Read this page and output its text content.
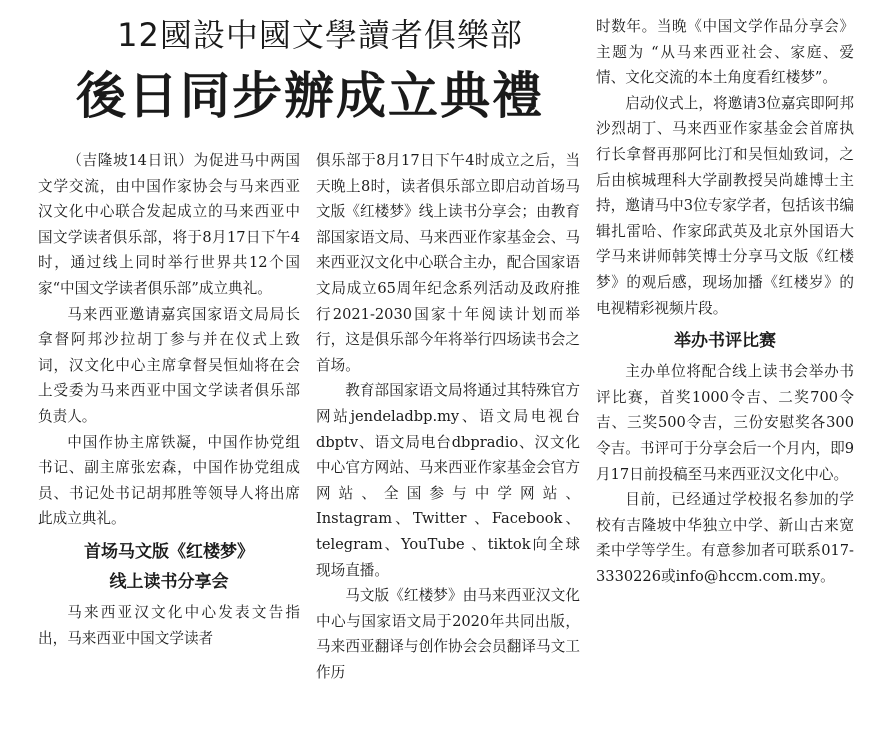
12國設中國文學讀者俱樂部
後日同步辦成立典禮

（吉隆坡14日讯）为促进马中两国文学交流，由中国作家协会与马来西亚汉文化中心联合发起成立的马来西亚中国文学读者俱乐部，将于8月17日下午4时，通过线上同时举行世界共12个国家“中国文学读者俱乐部”成立典礼。

马来西亚邀请嘉宾国家语文局局长拿督阿邦沙拉胡丁参与并在仪式上致词，汉文化中心主席拿督吴恒灿将在会上受委为马来西亚中国文学读者俱乐部负责人。

中国作协主席铁凝，中国作协党组书记、副主席张宏森，中国作协党组成员、书记处书记胡邦胜等领导人将出席此成立典礼。

首场马文版《红楼梦》
线上读书分享会

马来西亚汉文化中心发表文告指出，马来西亚中国文学读者

俱乐部于8月17日下午4时成立之后，当天晚上8时，读者俱乐部立即启动首场马文版《红楼梦》线上读书分享会；由教育部国家语文局、马来西亚作家基金会、马来西亚汉文化中心联合主办，配合国家语文局成立65周年纪念系列活动及政府推行2021-2030国家十年阅读计划而举行，这是俱乐部今年将举行四场读书会之首场。

教育部国家语文局将通过其特殊官方网站jendeladbp.my、语文局电视台dbptv、语文局电台dbpradio、汉文化中心官方网站、马来西亚作家基金会官方网站、全国参与中学网站、Instagram、Twitter 、Facebook、telegram、YouTube 、tiktok向全球现场直播。

马文版《红楼梦》由马来西亚汉文化中心与国家语文局于2020年共同出版，马来西亚翻译与创作协会会员翻译马文工作历

时数年。当晚《中国文学作品分享会》主题为 “从马来西亚社会、家庭、爱情、文化交流的本土角度看红楼梦”。

启动仪式上，将邀请3位嘉宾即阿邦沙烈胡丁、马来西亚作家基金会首席执行长拿督再那阿比汀和吴恒灿致词，之后由槟城理科大学副教授吴尚雄博士主持，邀请马中3位专家学者，包括该书编辑扎雷哈、作家邱武英及北京外国语大学马来讲师韩笑博士分享马文版《红楼梦》的观后感，现场加播《红楼岁》的电视精彩视频片段。

举办书评比赛

主办单位将配合线上读书会举办书评比赛，首奖1000令吉、二奖700令吉、三奖500令吉，三份安慰奖各300令吉。书评可于分享会后一个月内，即9月17日前投稿至马来西亚汉文化中心。

目前，已经通过学校报名参加的学校有吉隆坡中华独立中学、新山古来宽柔中学等学生。有意参加者可联系017-3330226或info@hccm.com.my。
